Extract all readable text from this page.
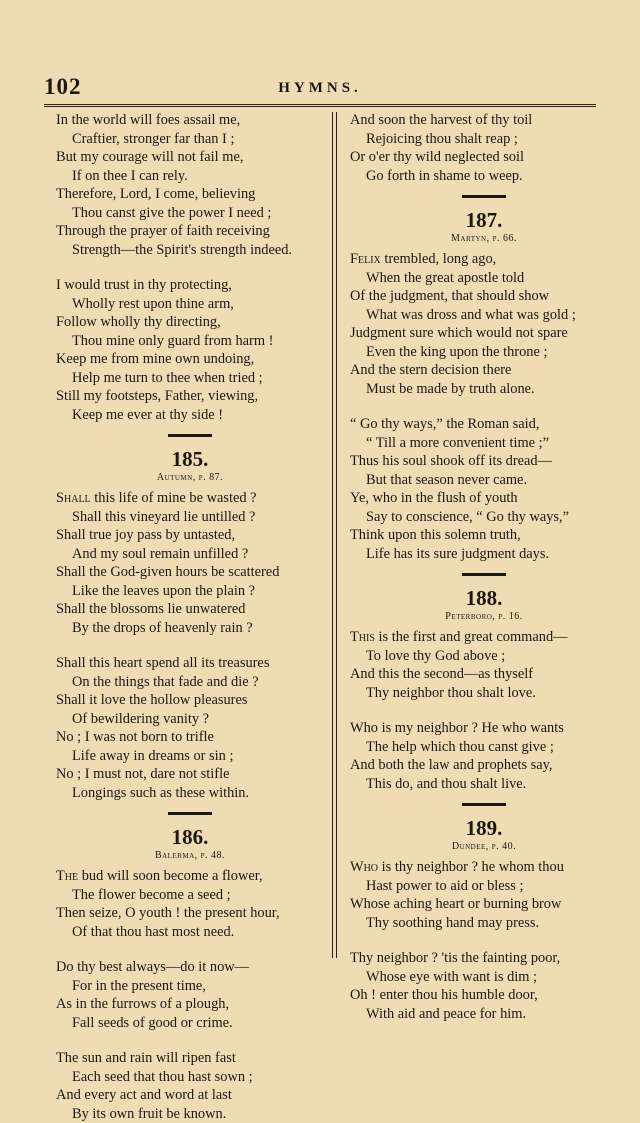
102	HYMNS.
In the world will foes assail me,
Craftier, stronger far than I ;
But my courage will not fail me,
If on thee I can rely.
Therefore, Lord, I come, believing
Thou canst give the power I need ;
Through the prayer of faith receiving
Strength—the Spirit's strength indeed.
I would trust in thy protecting,
Wholly rest upon thine arm,
Follow wholly thy directing,
Thou mine only guard from harm !
Keep me from mine own undoing,
Help me turn to thee when tried ;
Still my footsteps, Father, viewing,
Keep me ever at thy side !
185.
Autumn, p. 87.
Shall this life of mine be wasted ?
Shall this vineyard lie untilled ?
Shall true joy pass by untasted,
And my soul remain unfilled ?
Shall the God-given hours be scattered
Like the leaves upon the plain ?
Shall the blossoms lie unwatered
By the drops of heavenly rain ?
Shall this heart spend all its treasures
On the things that fade and die ?
Shall it love the hollow pleasures
Of bewildering vanity ?
No ; I was not born to trifle
Life away in dreams or sin ;
No ; I must not, dare not stifle
Longings such as these within.
186.
Balerma, p. 48.
The bud will soon become a flower,
The flower become a seed ;
Then seize, O youth ! the present hour,
Of that thou hast most need.
Do thy best always—do it now—
For in the present time,
As in the furrows of a plough,
Fall seeds of good or crime.
The sun and rain will ripen fast
Each seed that thou hast sown ;
And every act and word at last
By its own fruit be known.
And soon the harvest of thy toil
Rejoicing thou shalt reap ;
Or o'er thy wild neglected soil
Go forth in shame to weep.
187.
Martyn, p. 66.
Felix trembled, long ago,
When the great apostle told
Of the judgment, that should show
What was dross and what was gold ;
Judgment sure which would not spare
Even the king upon the throne ;
And the stern decision there
Must be made by truth alone.
“ Go thy ways,” the Roman said,
“ Till a more convenient time ;”
Thus his soul shook off its dread—
But that season never came.
Ye, who in the flush of youth
Say to conscience, “ Go thy ways,”
Think upon this solemn truth,
Life has its sure judgment days.
188.
Peterboro, p. 16.
This is the first and great command—
To love thy God above ;
And this the second—as thyself
Thy neighbor thou shalt love.
Who is my neighbor ? He who wants
The help which thou canst give ;
And both the law and prophets say,
This do, and thou shalt live.
189.
Dundee, p. 40.
Who is thy neighbor ? he whom thou
Hast power to aid or bless ;
Whose aching heart or burning brow
Thy soothing hand may press.
Thy neighbor ? 'tis the fainting poor,
Whose eye with want is dim ;
Oh ! enter thou his humble door,
With aid and peace for him.
